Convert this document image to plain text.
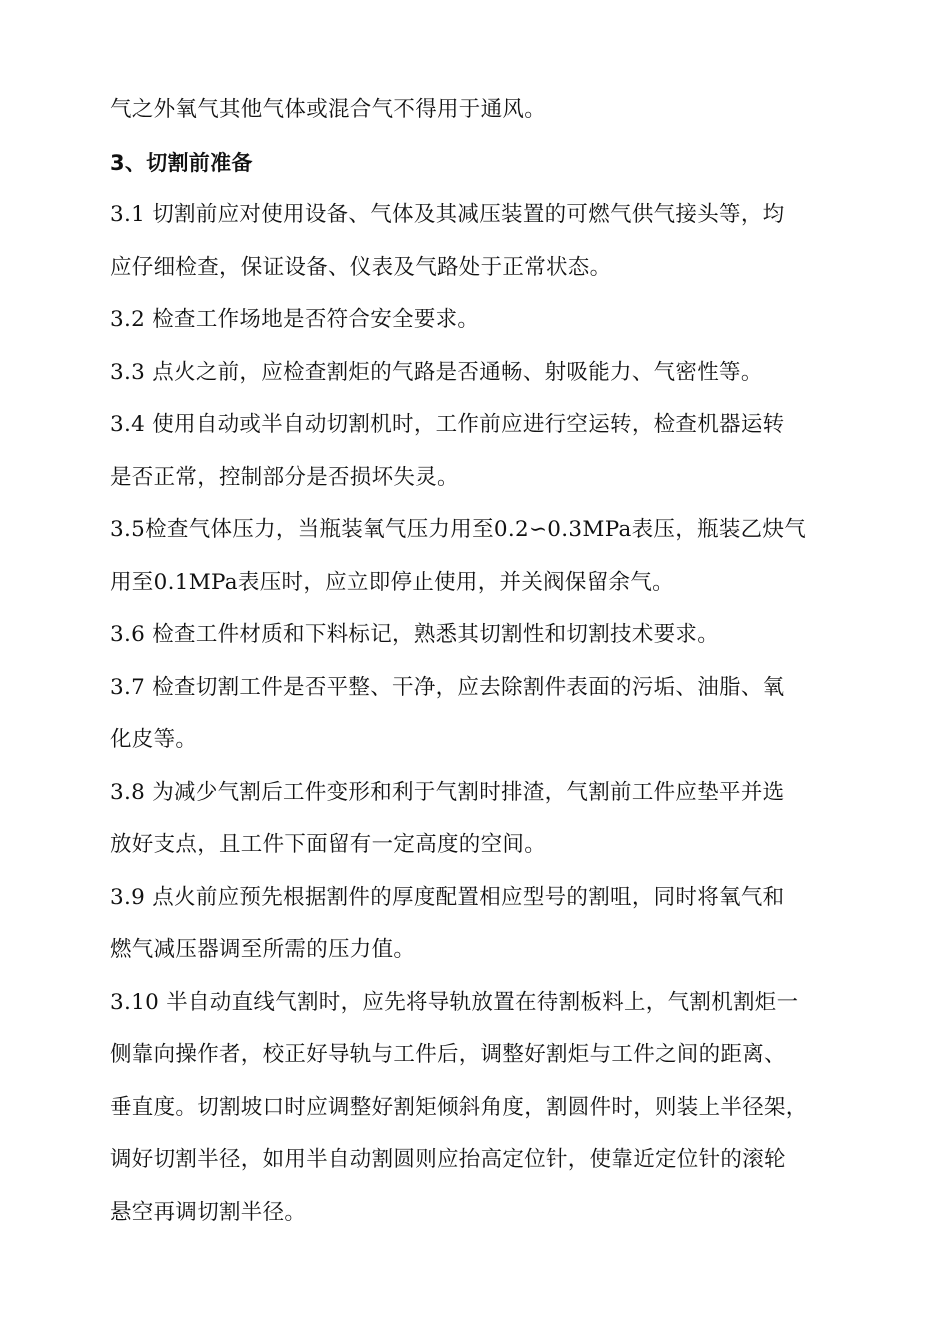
气之外氧气其他气体或混合气不得用于通风。
3、切割前准备
3.1 切割前应对使用设备、气体及其减压装置的可燃气供气接头等，均
应仔细检查，保证设备、仪表及气路处于正常状态。
3.2 检查工作场地是否符合安全要求。
3.3 点火之前，应检查割炬的气路是否通畅、射吸能力、气密性等。
3.4 使用自动或半自动切割机时，工作前应进行空运转，检查机器运转
是否正常，控制部分是否损坏失灵。
3.5检查气体压力，当瓶装氧气压力用至0.2∽0.3MPa表压，瓶装乙炔气
用至0.1MPa表压时，应立即停止使用，并关阀保留余气。
3.6 检查工件材质和下料标记，熟悉其切割性和切割技术要求。
3.7 检查切割工件是否平整、干净，应去除割件表面的污垢、油脂、氧
化皮等。
3.8 为减少气割后工件变形和利于气割时排渣，气割前工件应垫平并选
放好支点，且工件下面留有一定高度的空间。
3.9 点火前应预先根据割件的厚度配置相应型号的割咀，同时将氧气和
燃气减压器调至所需的压力值。
3.10 半自动直线气割时，应先将导轨放置在待割板料上，气割机割炬一
侧靠向操作者，校正好导轨与工件后，调整好割炬与工件之间的距离、
垂直度。切割坡口时应调整好割矩倾斜角度，割圆件时，则装上半径架，
调好切割半径，如用半自动割圆则应抬高定位针，使靠近定位针的滚轮
悬空再调切割半径。
